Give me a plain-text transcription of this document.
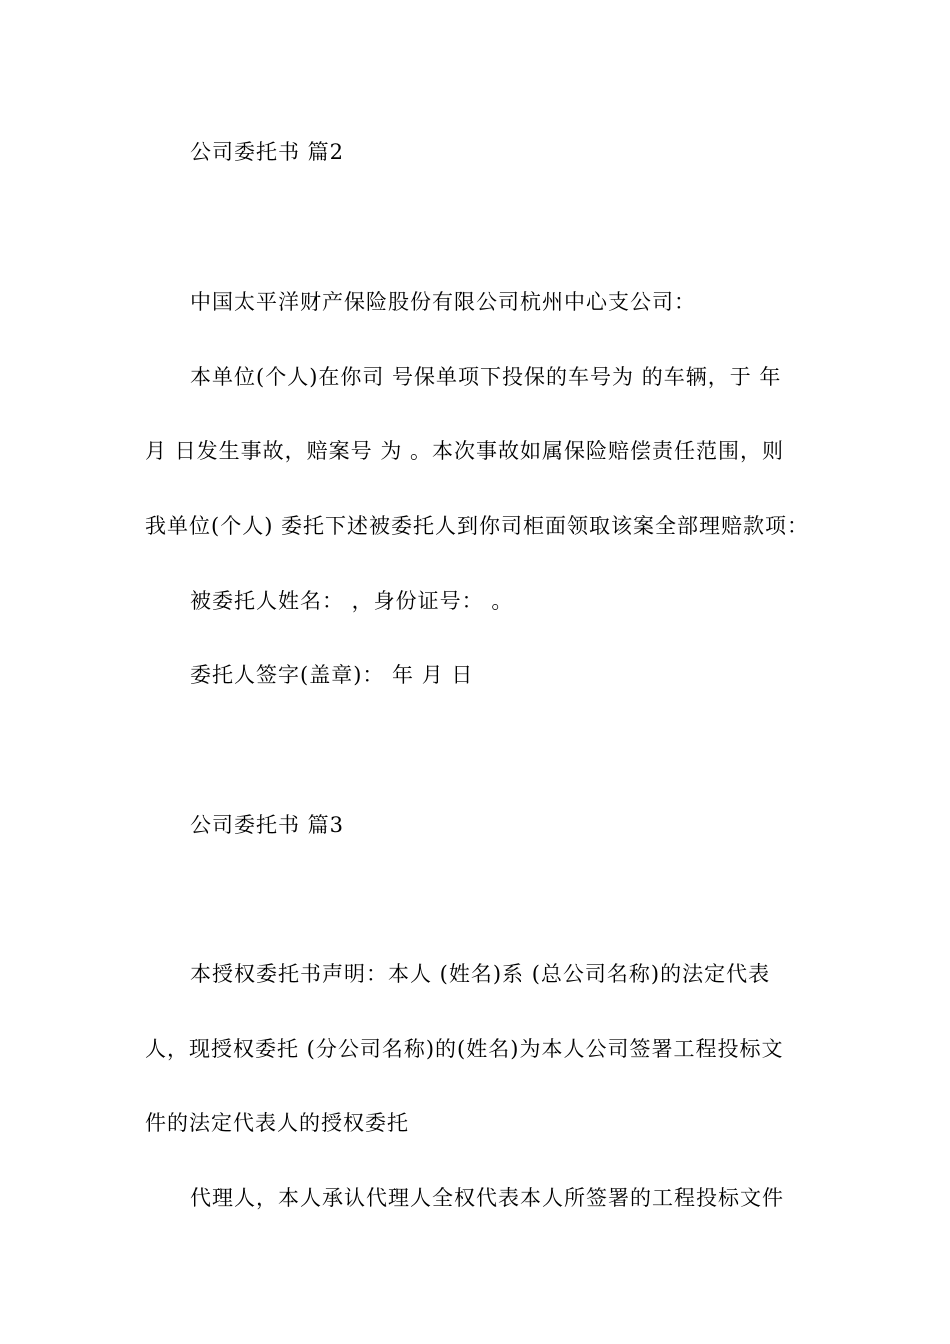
公司委托书 篇2
中国太平洋财产保险股份有限公司杭州中心支公司：
本单位(个人)在你司 号保单项下投保的车号为 的车辆，于 年
月 日发生事故，赔案号 为 。本次事故如属保险赔偿责任范围，则
我单位(个人) 委托下述被委托人到你司柜面领取该案全部理赔款项：
被委托人姓名： ，身份证号： 。
委托人签字(盖章)： 年 月 日
公司委托书 篇3
本授权委托书声明：本人 (姓名)系 (总公司名称)的法定代表
人，现授权委托 (分公司名称)的(姓名)为本人公司签署工程投标文
件的法定代表人的授权委托
代理人，本人承认代理人全权代表本人所签署的工程投标文件
